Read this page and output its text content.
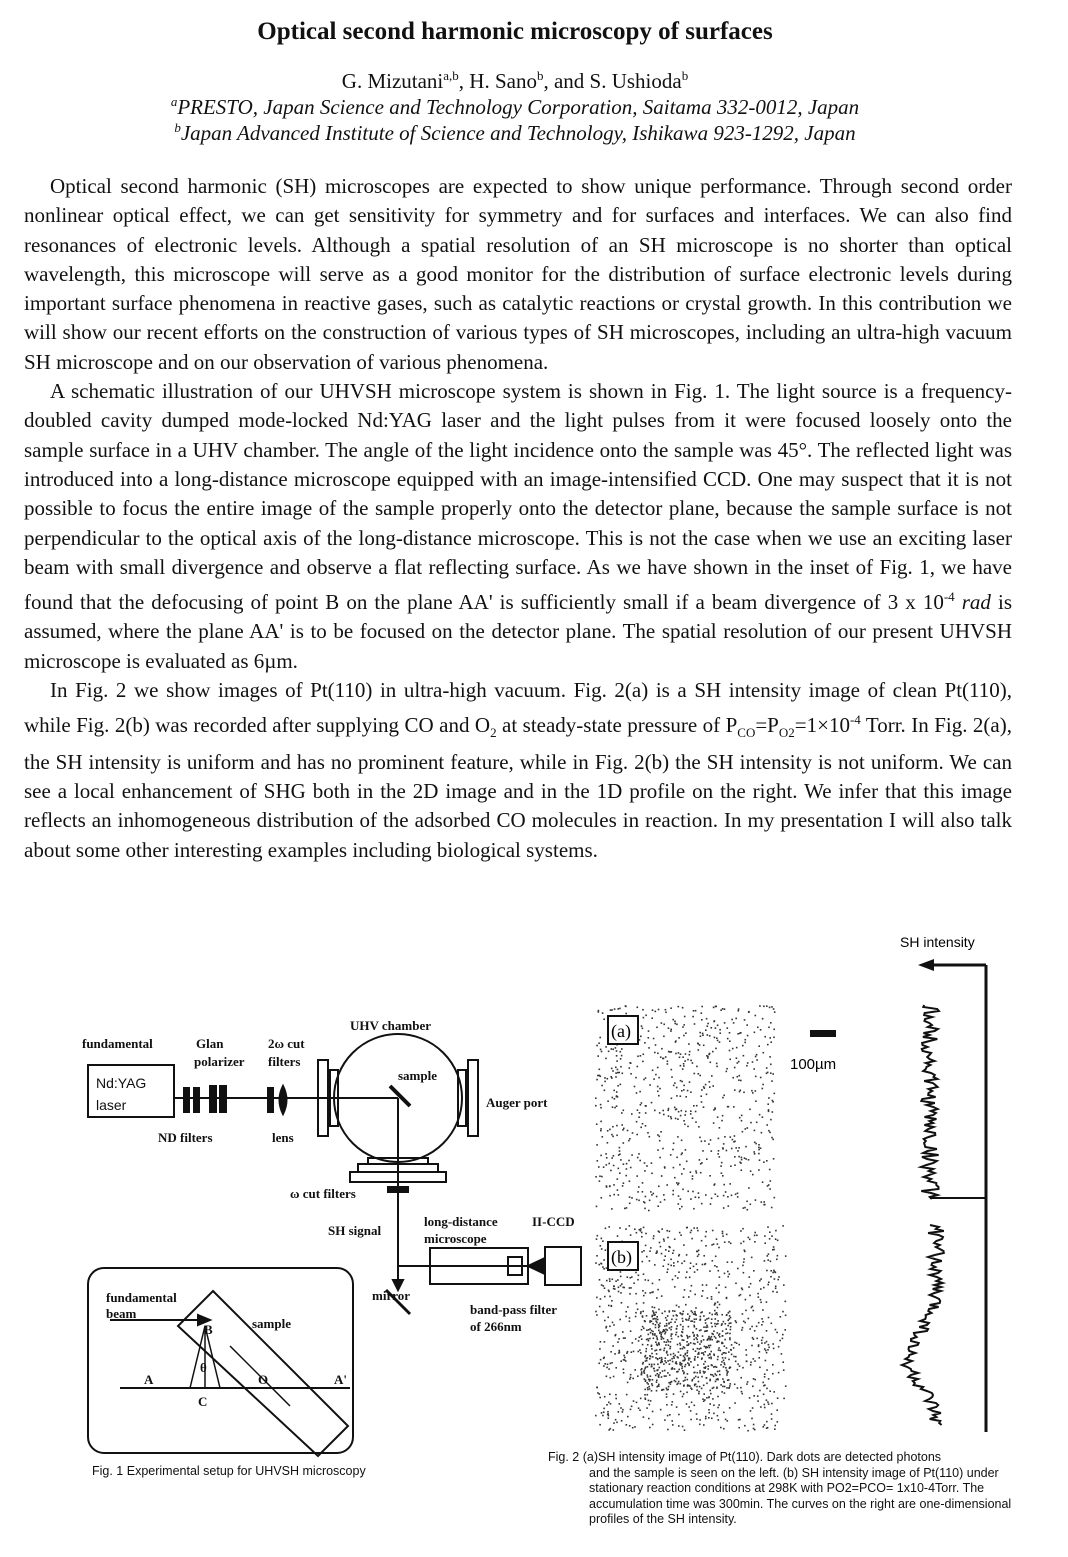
Optical second harmonic microscopy of surfaces
G. Mizutani$^{a,b}$, H. Sano$^b$, and S. Ushioda$^b$
$^a$PRESTO, Japan Science and Technology Corporation, Saitama 332-0012, Japan
$^b$Japan Advanced Institute of Science and Technology, Ishikawa 923-1292, Japan

Optical second harmonic (SH) microscopes are expected to show unique performance. Through second order nonlinear optical effect, we can get sensitivity for symmetry and for surfaces and interfaces. We can also find resonances of electronic levels. Although a spatial resolution of an SH microscope is no shorter than optical wavelength, this microscope will serve as a good monitor for the distribution of surface electronic levels during important surface phenomena in reactive gases, such as catalytic reactions or crystal growth. In this contribution we will show our recent efforts on the construction of various types of SH microscopes, including an ultra-high vacuum SH microscope and on our observation of various phenomena.

A schematic illustration of our UHVSH microscope system is shown in Fig. 1. The light source is a frequency-doubled cavity dumped mode-locked Nd:YAG laser and the light pulses from it were focused loosely onto the sample surface in a UHV chamber. The angle of the light incidence onto the sample was 45°. The reflected light was introduced into a long-distance microscope equipped with an image-intensified CCD. One may suspect that it is not possible to focus the entire image of the sample properly onto the detector plane, because the sample surface is not perpendicular to the optical axis of the long-distance microscope. This is not the case when we use an exciting laser beam with small divergence and observe a flat reflecting surface. As we have shown in the inset of Fig. 1, we have found that the defocusing of point B on the plane AA' is sufficiently small if a beam divergence of 3 x $10^{-4}$ rad is assumed, where the plane AA' is to be focused on the detector plane. The spatial resolution of our present UHVSH microscope is evaluated as 6µm.

In Fig. 2 we show images of Pt(110) in ultra-high vacuum. Fig. 2(a) is a SH intensity image of clean Pt(110), while Fig. 2(b) was recorded after supplying CO and $O_2$ at steady-state pressure of $P_{CO}=P_{O2}=1\times 10^{-4}$ Torr. In Fig. 2(a), the SH intensity is uniform and has no prominent feature, while in Fig. 2(b) the SH intensity is not uniform. We can see a local enhancement of SHG both in the 2D image and in the 1D profile on the right. We infer that this image reflects an inhomogeneous distribution of the adsorbed CO molecules in reaction. In my presentation I will also talk about some other interesting examples including biological systems.

fundamental	Glan
polarizer
2ω cut
filters
UHV chamber
sample
Auger port
ND filters	lens
ω cut filters
SH signal
long-distance
microscope
II-CCD
mirror
band-pass filter
of 266nm
fundamental
beam
sample
A	A'
B
C
O
θ
Nd:YAG
laser
(a)
(b)
100µm
SH intensity
Fig. 1 Experimental setup for UHVSH microscopy
Fig. 2 (a)SH intensity image of Pt(110). Dark dots are detected photons
and the sample is seen on the left. (b) SH intensity image of Pt(110) under stationary reaction conditions at 298K with PO2=PCO= 1x10-4Torr. The accumulation time was 300min. The curves on the right are one-dimensional profiles of the SH intensity.
